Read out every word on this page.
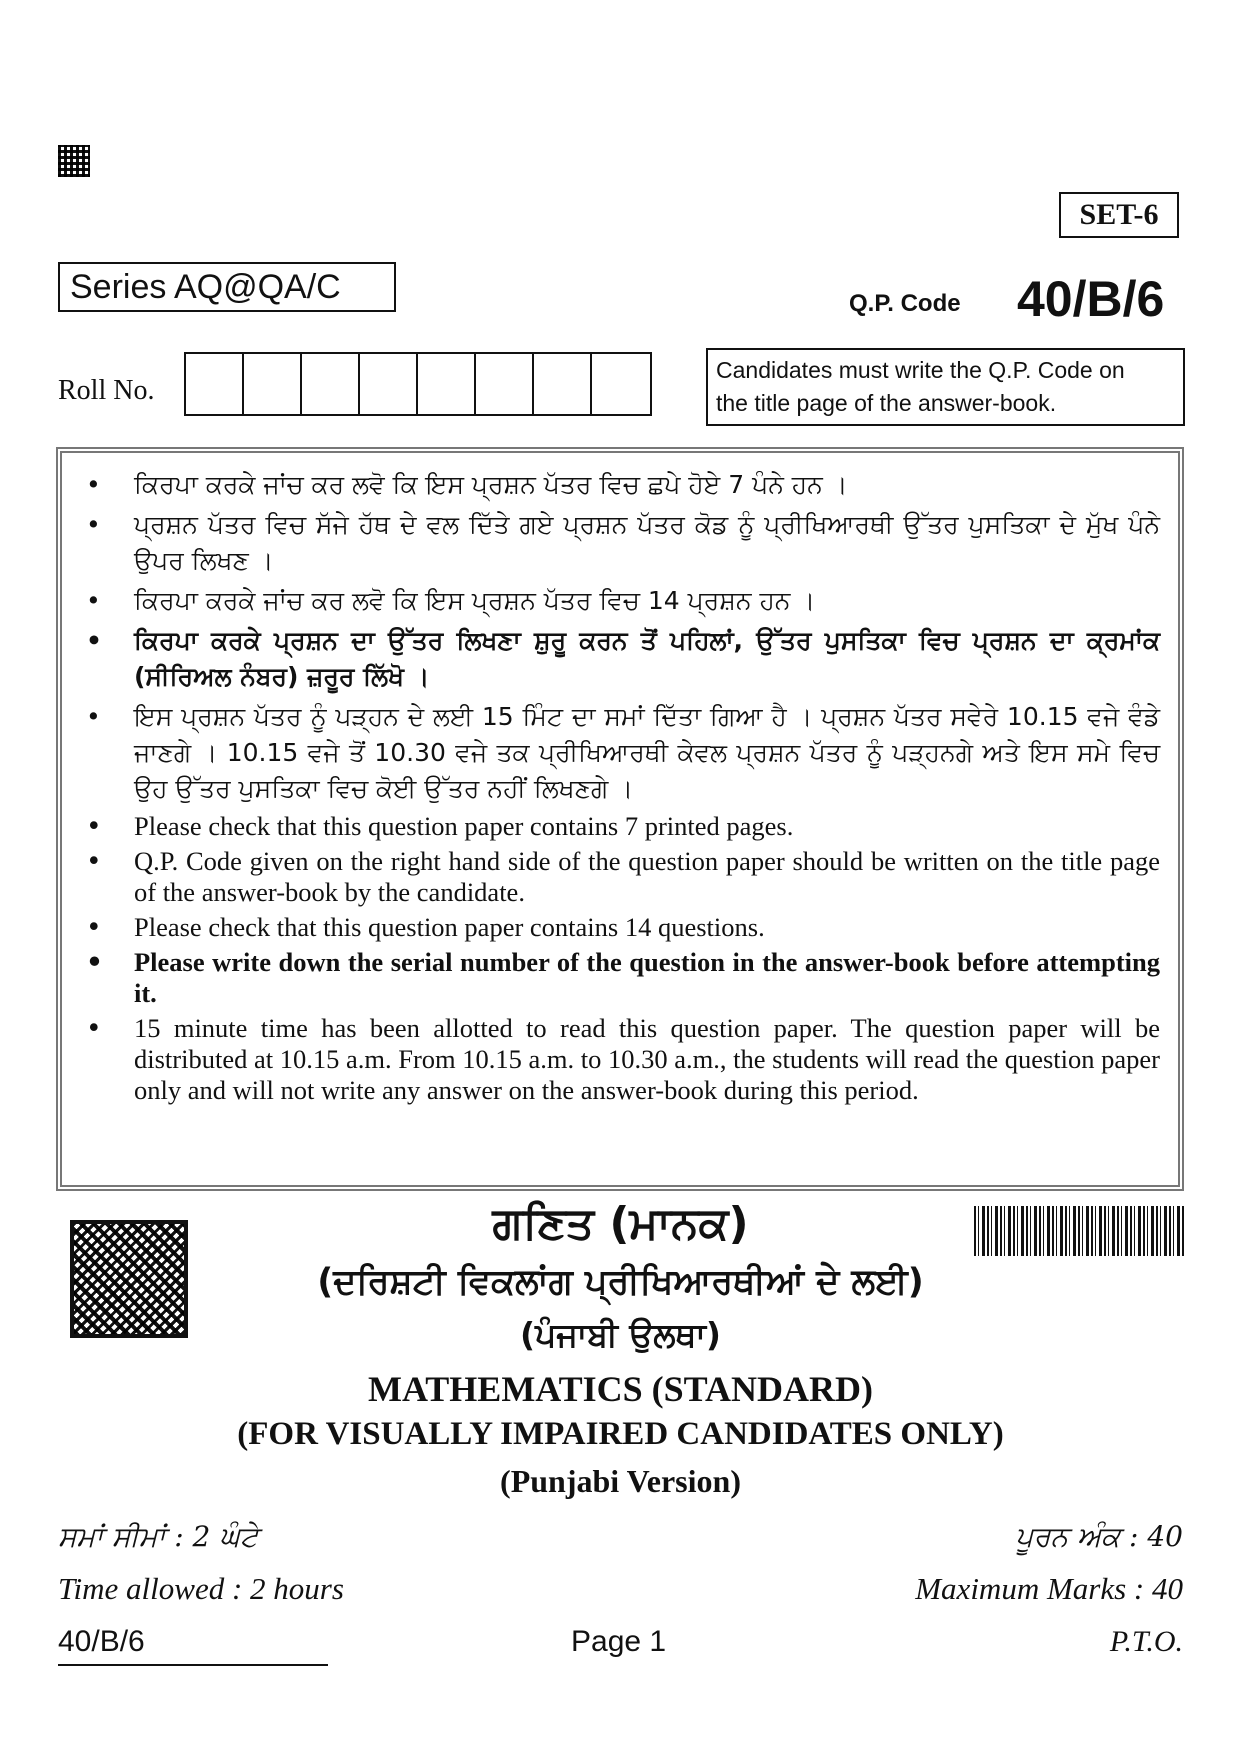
SET-6
Series AQ@QA/C	Q.P. Code 40/B/6
Roll No.
Candidates must write the Q.P. Code on
the title page of the answer-book.
• ਕਿਰਪਾ ਕਰਕੇ ਜਾਂਚ ਕਰ ਲਵੋ ਕਿ ਇਸ ਪ੍ਰਸ਼ਨ ਪੱਤਰ ਵਿਚ ਛਪੇ ਹੋਏ 7 ਪੰਨੇ ਹਨ ।
• ਪ੍ਰਸ਼ਨ ਪੱਤਰ ਵਿਚ ਸੱਜੇ ਹੱਥ ਦੇ ਵਲ ਦਿੱਤੇ ਗਏ ਪ੍ਰਸ਼ਨ ਪੱਤਰ ਕੋਡ ਨੂੰ ਪ੍ਰੀਖਿਆਰਥੀ ਉੱਤਰ ਪੁਸਤਿਕਾ ਦੇ ਮੁੱਖ ਪੰਨੇ ਉਪਰ ਲਿਖਣ ।
• ਕਿਰਪਾ ਕਰਕੇ ਜਾਂਚ ਕਰ ਲਵੋ ਕਿ ਇਸ ਪ੍ਰਸ਼ਨ ਪੱਤਰ ਵਿਚ 14 ਪ੍ਰਸ਼ਨ ਹਨ ।
• ਕਿਰਪਾ ਕਰਕੇ ਪ੍ਰਸ਼ਨ ਦਾ ਉੱਤਰ ਲਿਖਣਾ ਸ਼ੁਰੂ ਕਰਨ ਤੋਂ ਪਹਿਲਾਂ, ਉੱਤਰ ਪੁਸਤਿਕਾ ਵਿਚ ਪ੍ਰਸ਼ਨ ਦਾ ਕ੍ਰਮਾਂਕ (ਸੀਰਿਅਲ ਨੰਬਰ) ਜ਼ਰੂਰ ਲਿੱਖੋ ।
• ਇਸ ਪ੍ਰਸ਼ਨ ਪੱਤਰ ਨੂੰ ਪੜ੍ਹਨ ਦੇ ਲਈ 15 ਮਿੰਟ ਦਾ ਸਮਾਂ ਦਿੱਤਾ ਗਿਆ ਹੈ । ਪ੍ਰਸ਼ਨ ਪੱਤਰ ਸਵੇਰੇ 10.15 ਵਜੇ ਵੰਡੇ ਜਾਣਗੇ । 10.15 ਵਜੇ ਤੋਂ 10.30 ਵਜੇ ਤਕ ਪ੍ਰੀਖਿਆਰਥੀ ਕੇਵਲ ਪ੍ਰਸ਼ਨ ਪੱਤਰ ਨੂੰ ਪੜ੍ਹਨਗੇ ਅਤੇ ਇਸ ਸਮੇ ਵਿਚ ਉਹ ਉੱਤਰ ਪੁਸਤਿਕਾ ਵਿਚ ਕੋਈ ਉੱਤਰ ਨਹੀਂ ਲਿਖਣਗੇ ।
• Please check that this question paper contains 7 printed pages.
• Q.P. Code given on the right hand side of the question paper should be written on the title page of the answer-book by the candidate.
• Please check that this question paper contains 14 questions.
• Please write down the serial number of the question in the answer-book before attempting it.
• 15 minute time has been allotted to read this question paper. The question paper will be distributed at 10.15 a.m. From 10.15 a.m. to 10.30 a.m., the students will read the question paper only and will not write any answer on the answer-book during this period.
ਗਣਿਤ (ਮਾਨਕ)
(ਦਰਿਸ਼ਟੀ ਵਿਕਲਾਂਗ ਪ੍ਰੀਖਿਆਰਥੀਆਂ ਦੇ ਲਈ)
(ਪੰਜਾਬੀ ਉਲਥਾ)
MATHEMATICS (STANDARD)
(FOR VISUALLY IMPAIRED CANDIDATES ONLY)
(Punjabi Version)
ਸਮਾਂ ਸੀਮਾਂ : 2 ਘੰਟੇ	ਪੂਰਨ ਅੰਕ : 40
Time allowed : 2 hours	Maximum Marks : 40
40/B/6	Page 1	P.T.O.
